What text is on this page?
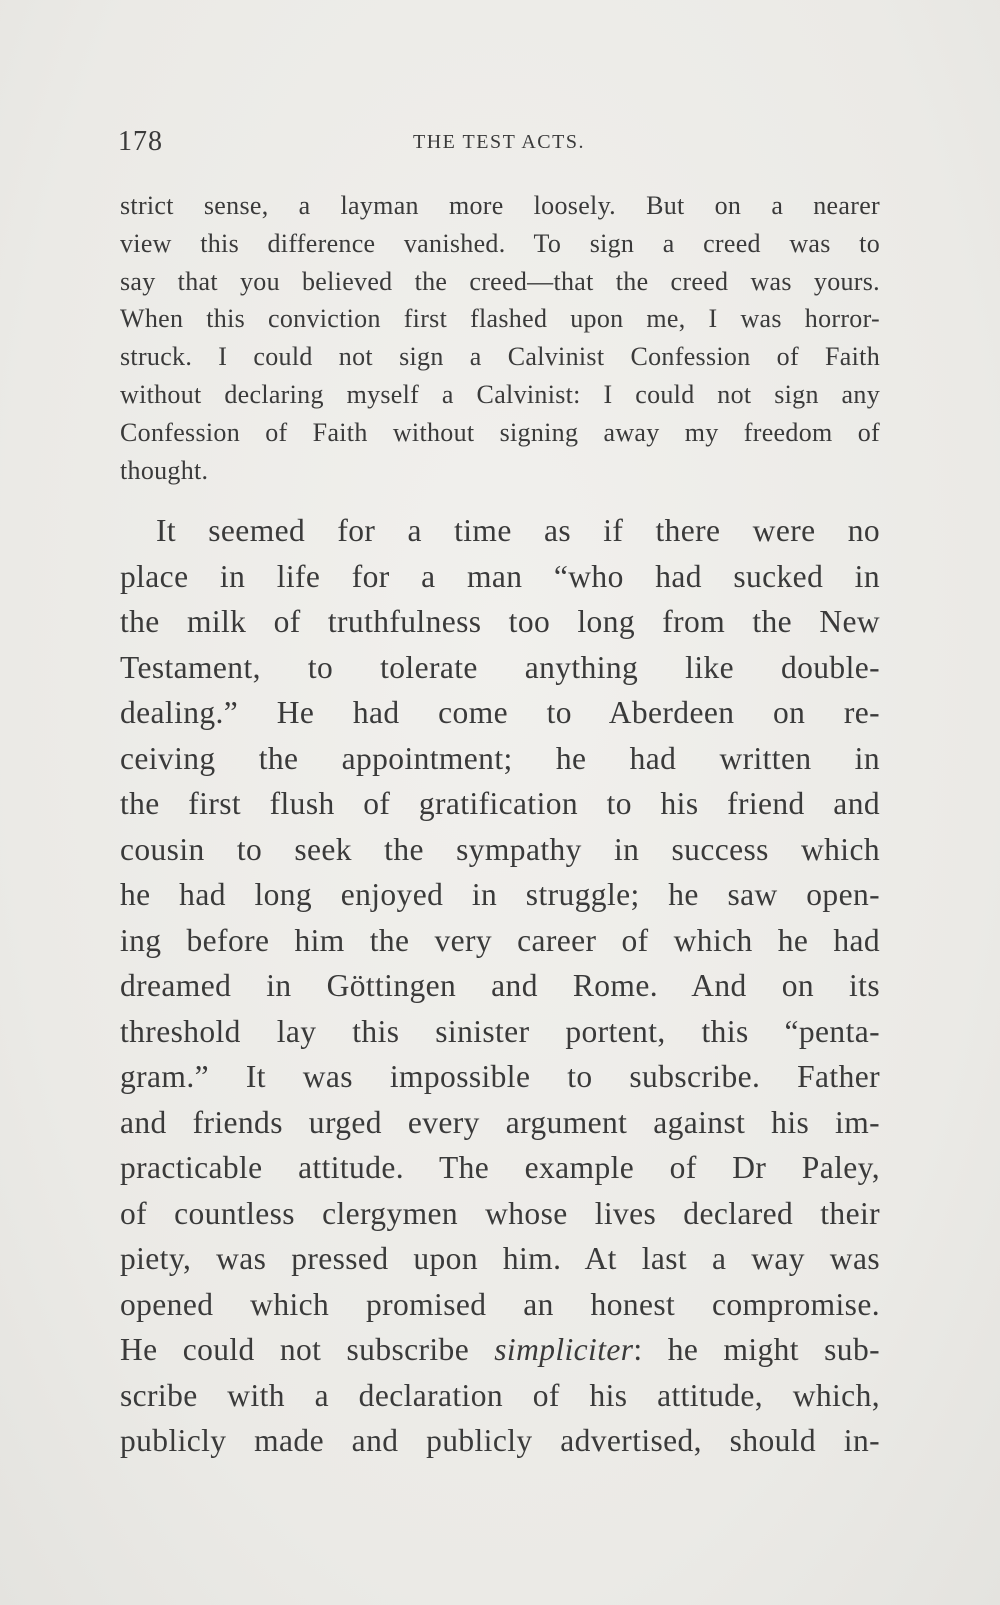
178	THE TEST ACTS.
strict sense, a layman more loosely. But on a nearer
view this difference vanished. To sign a creed was to
say that you believed the creed—that the creed was yours.
When this conviction first flashed upon me, I was horror-
struck. I could not sign a Calvinist Confession of Faith
without declaring myself a Calvinist: I could not sign any
Confession of Faith without signing away my freedom of
thought.
It seemed for a time as if there were no
place in life for a man “who had sucked in
the milk of truthfulness too long from the New
Testament, to tolerate anything like double-
dealing.” He had come to Aberdeen on re-
ceiving the appointment; he had written in
the first flush of gratification to his friend and
cousin to seek the sympathy in success which
he had long enjoyed in struggle; he saw open-
ing before him the very career of which he had
dreamed in Göttingen and Rome. And on its
threshold lay this sinister portent, this “penta-
gram.” It was impossible to subscribe. Father
and friends urged every argument against his im-
practicable attitude. The example of Dr Paley,
of countless clergymen whose lives declared their
piety, was pressed upon him. At last a way was
opened which promised an honest compromise.
He could not subscribe simpliciter: he might sub-
scribe with a declaration of his attitude, which,
publicly made and publicly advertised, should in-
